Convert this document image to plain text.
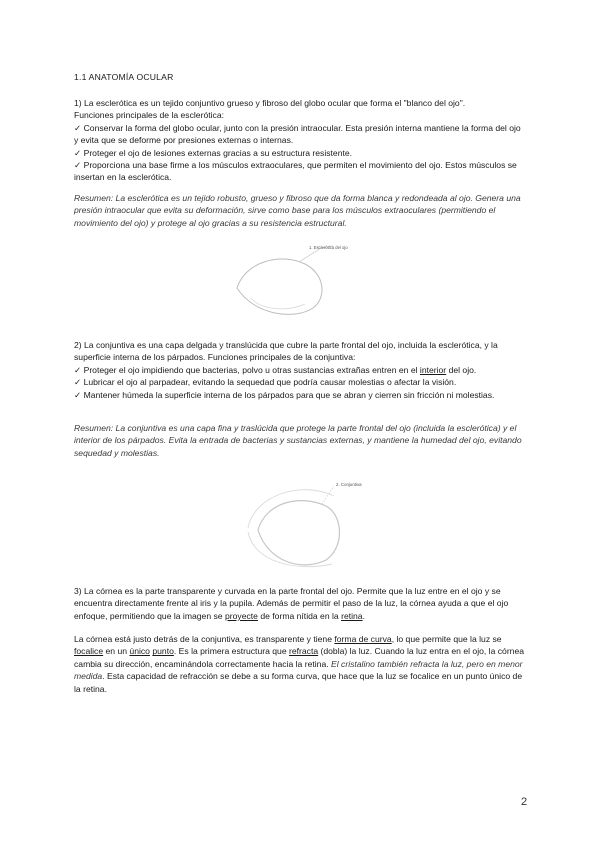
1.1 ANATOMÍA OCULAR

1) La esclerótica es un tejido conjuntivo grueso y fibroso del globo ocular que forma el "blanco del ojo".

Funciones principales de la esclerótica:

✓ Conservar la forma del globo ocular, junto con la presión intraocular. Esta presión interna mantiene la forma del ojo y evita que se deforme por presiones externas o internas.

✓ Proteger el ojo de lesiones externas gracias a su estructura resistente.

✓ Proporciona una base firme a los músculos extraoculares, que permiten el movimiento del ojo. Estos músculos se insertan en la esclerótica.

Resumen: La esclerótica es un tejido robusto, grueso y fibroso que da forma blanca y redondeada al ojo. Genera una presión intraocular que evita su deformación, sirve como base para los músculos extraoculares (permitiendo el movimiento del ojo) y protege al ojo gracias a su resistencia estructural.
1. Esclerótica del ojo

2) La conjuntiva es una capa delgada y translúcida que cubre la parte frontal del ojo, incluida la esclerótica, y la superficie interna de los párpados. Funciones principales de la conjuntiva:

✓ Proteger el ojo impidiendo que bacterias, polvo u otras sustancias extrañas entren en el interior del ojo.

✓ Lubricar el ojo al parpadear, evitando la sequedad que podría causar molestias o afectar la visión.

✓ Mantener húmeda la superficie interna de los párpados para que se abran y cierren sin fricción ni molestias.

Resumen: La conjuntiva es una capa fina y traslúcida que protege la parte frontal del ojo (incluida la esclerótica) y el interior de los párpados. Evita la entrada de bacterias y sustancias externas, y mantiene la humedad del ojo, evitando sequedad y molestias.
2. Conjuntiva
3) La córnea es la parte transparente y curvada en la parte frontal del ojo. Permite que la luz entre en el ojo y se encuentra directamente frente al iris y la pupila. Además de permitir el paso de la luz, la córnea ayuda a que el ojo enfoque, permitiendo que la imagen se proyecte de forma nítida en la retina.
La córnea está justo detrás de la conjuntiva, es transparente y tiene forma de curva, lo que permite que la luz se focalice en un único punto. Es la primera estructura que refracta (dobla) la luz. Cuando la luz entra en el ojo, la córnea cambia su dirección, encaminándola correctamente hacia la retina. El cristalino también refracta la luz, pero en menor medida. Esta capacidad de refracción se debe a su forma curva, que hace que la luz se focalice en un punto único de la retina.
2
